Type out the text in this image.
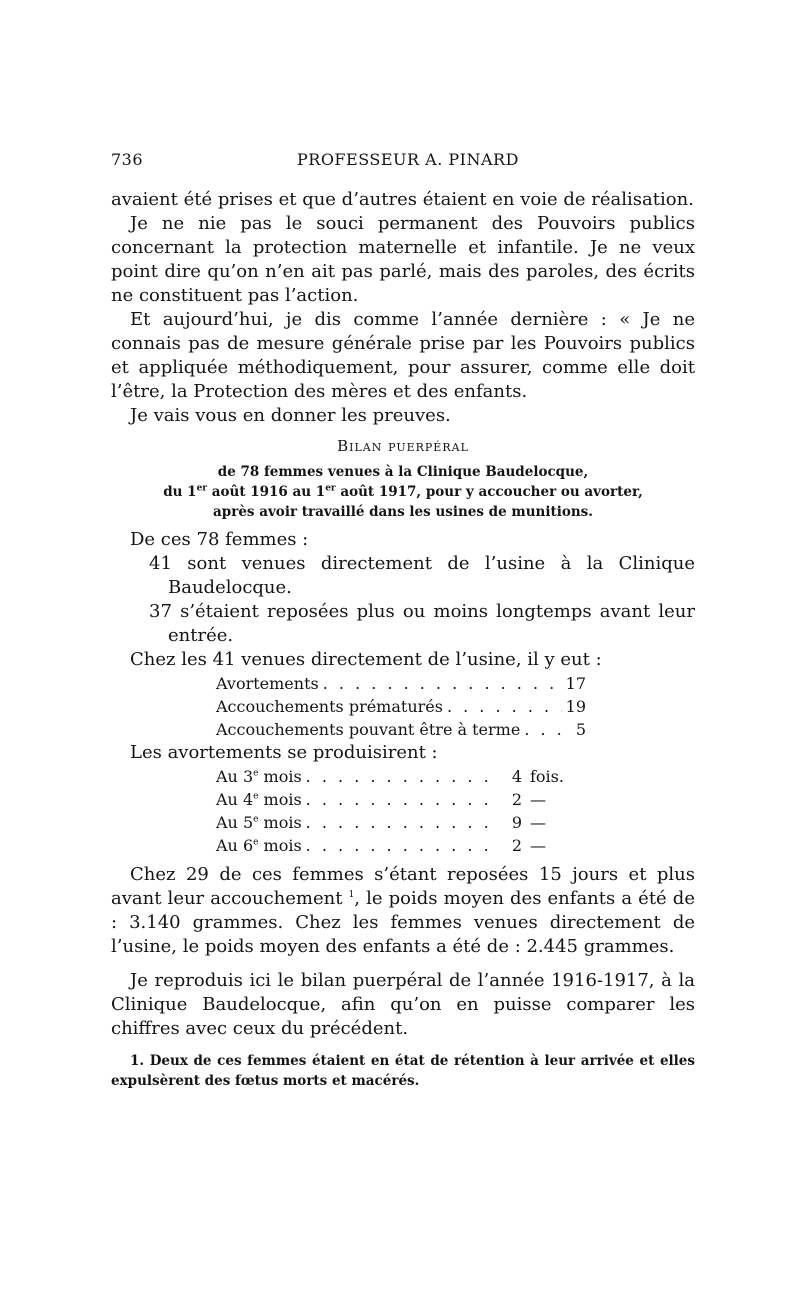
736	PROFESSEUR A. PINARD

avaient été prises et que d’autres étaient en voie de réalisation.

Je ne nie pas le souci permanent des Pouvoirs publics concernant la protection maternelle et infantile. Je ne veux point dire qu’on n’en ait pas parlé, mais des paroles, des écrits ne constituent pas l’action.

Et aujourd’hui, je dis comme l’année dernière : « Je ne connais pas de mesure générale prise par les Pouvoirs publics et appliquée méthodiquement, pour assurer, comme elle doit l’être, la Protection des mères et des enfants.

Je vais vous en donner les preuves.

Bilan puerpéral
de 78 femmes venues à la Clinique Baudelocque,
du 1er août 1916 au 1er août 1917, pour y accoucher ou avorter,
après avoir travaillé dans les usines de munitions.

De ces 78 femmes :

41 sont venues directement de l’usine à la Clinique Baudelocque.

37 s’étaient reposées plus ou moins longtemps avant leur entrée.

Chez les 41 venues directement de l’usine, il y eut :

Avortements . . .	17
Accouchements prématurés . . .	19
Accouchements pouvant être à terme . . .	5

Les avortements se produisirent :

Au 3e mois . . .	4 fois.
Au 4e mois . . .	2 —
Au 5e mois . . .	9 —
Au 6e mois . . .	2 —

Chez 29 de ces femmes s’étant reposées 15 jours et plus avant leur accouchement $^1$, le poids moyen des enfants a été de : 3.140 grammes. Chez les femmes venues directement de l’usine, le poids moyen des enfants a été de : 2.445 grammes.

Je reproduis ici le bilan puerpéral de l’année 1916-1917, à la Clinique Baudelocque, afin qu’on en puisse comparer les chiffres avec ceux du précédent.

1. Deux de ces femmes étaient en état de rétention à leur arrivée et elles expulsèrent des fœtus morts et macérés.
